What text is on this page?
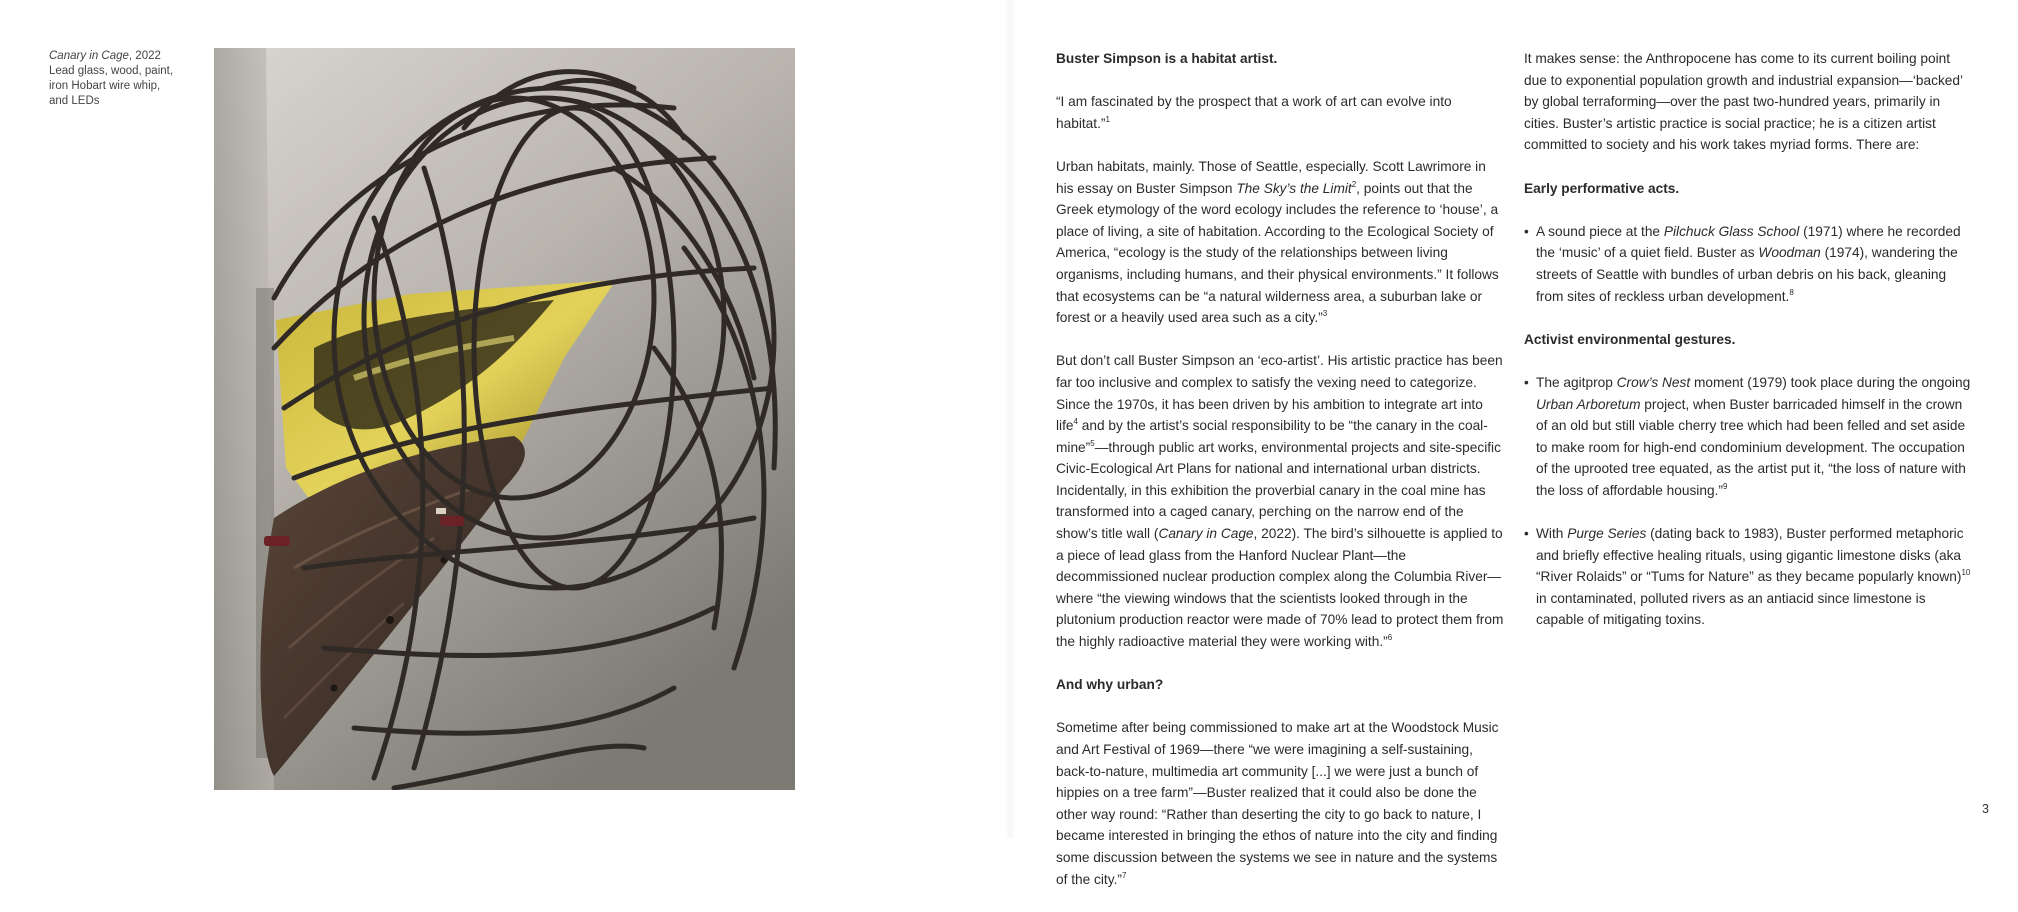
Canary in Cage, 2022
Lead glass, wood, paint,
iron Hobart wire whip,
and LEDs

Buster Simpson is a habitat artist.

“I am fascinated by the prospect that a work of art can evolve into habitat.”$^1$

Urban habitats, mainly. Those of Seattle, especially. Scott Lawrimore in his essay on Buster Simpson The Sky’s the Limit$^2$, points out that the Greek etymology of the word ecology includes the reference to ‘house’, a place of living, a site of habitation. According to the Ecological Society of America, “ecology is the study of the relationships between living organisms, including humans, and their physical environments.” It follows that ecosystems can be “a natural wilderness area, a suburban lake or forest or a heavily used area such as a city.”$^3$

But don’t call Buster Simpson an ‘eco-artist’. His artistic practice has been far too inclusive and complex to satisfy the vexing need to categorize. Since the 1970s, it has been driven by his ambition to integrate art into life$^4$ and by the artist’s social responsibility to be “the canary in the coal-mine”$^5$—through public art works, environmental projects and site-specific Civic-Ecological Art Plans for national and international urban districts. Incidentally, in this exhibition the proverbial canary in the coal mine has transformed into a caged canary, perching on the narrow end of the show’s title wall (Canary in Cage, 2022). The bird’s silhouette is applied to a piece of lead glass from the Hanford Nuclear Plant—the decommissioned nuclear production complex along the Columbia River—where “the viewing windows that the scientists looked through in the plutonium production reactor were made of 70% lead to protect them from the highly radioactive material they were working with.”$^6$

And why urban?

Sometime after being commissioned to make art at the Woodstock Music and Art Festival of 1969—there “we were imagining a self-sustaining, back-to-nature, multimedia art community [...] we were just a bunch of hippies on a tree farm”—Buster realized that it could also be done the other way round: “Rather than deserting the city to go back to nature, I became interested in bringing the ethos of nature into the city and finding some discussion between the systems we see in nature and the systems of the city.”$^7$

It makes sense: the Anthropocene has come to its current boiling point due to exponential population growth and industrial expansion—‘backed’ by global terraforming—over the past two-hundred years, primarily in cities. Buster’s artistic practice is social practice; he is a citizen artist committed to society and his work takes myriad forms. There are:

Early performative acts.

• A sound piece at the Pilchuck Glass School (1971) where he recorded the ‘music’ of a quiet field. Buster as Woodman (1974), wandering the streets of Seattle with bundles of urban debris on his back, gleaning from sites of reckless urban development.$^8$

Activist environmental gestures.

• The agitprop Crow’s Nest moment (1979) took place during the ongoing Urban Arboretum project, when Buster barricaded himself in the crown of an old but still viable cherry tree which had been felled and set aside to make room for high-end condominium development. The occupation of the uprooted tree equated, as the artist put it, “the loss of nature with the loss of affordable housing.”$^9$

• With Purge Series (dating back to 1983), Buster performed metaphoric and briefly effective healing rituals, using gigantic limestone disks (aka “River Rolaids” or “Tums for Nature” as they became popularly known)$^{10}$ in contaminated, polluted rivers as an antiacid since limestone is capable of mitigating toxins.

3
